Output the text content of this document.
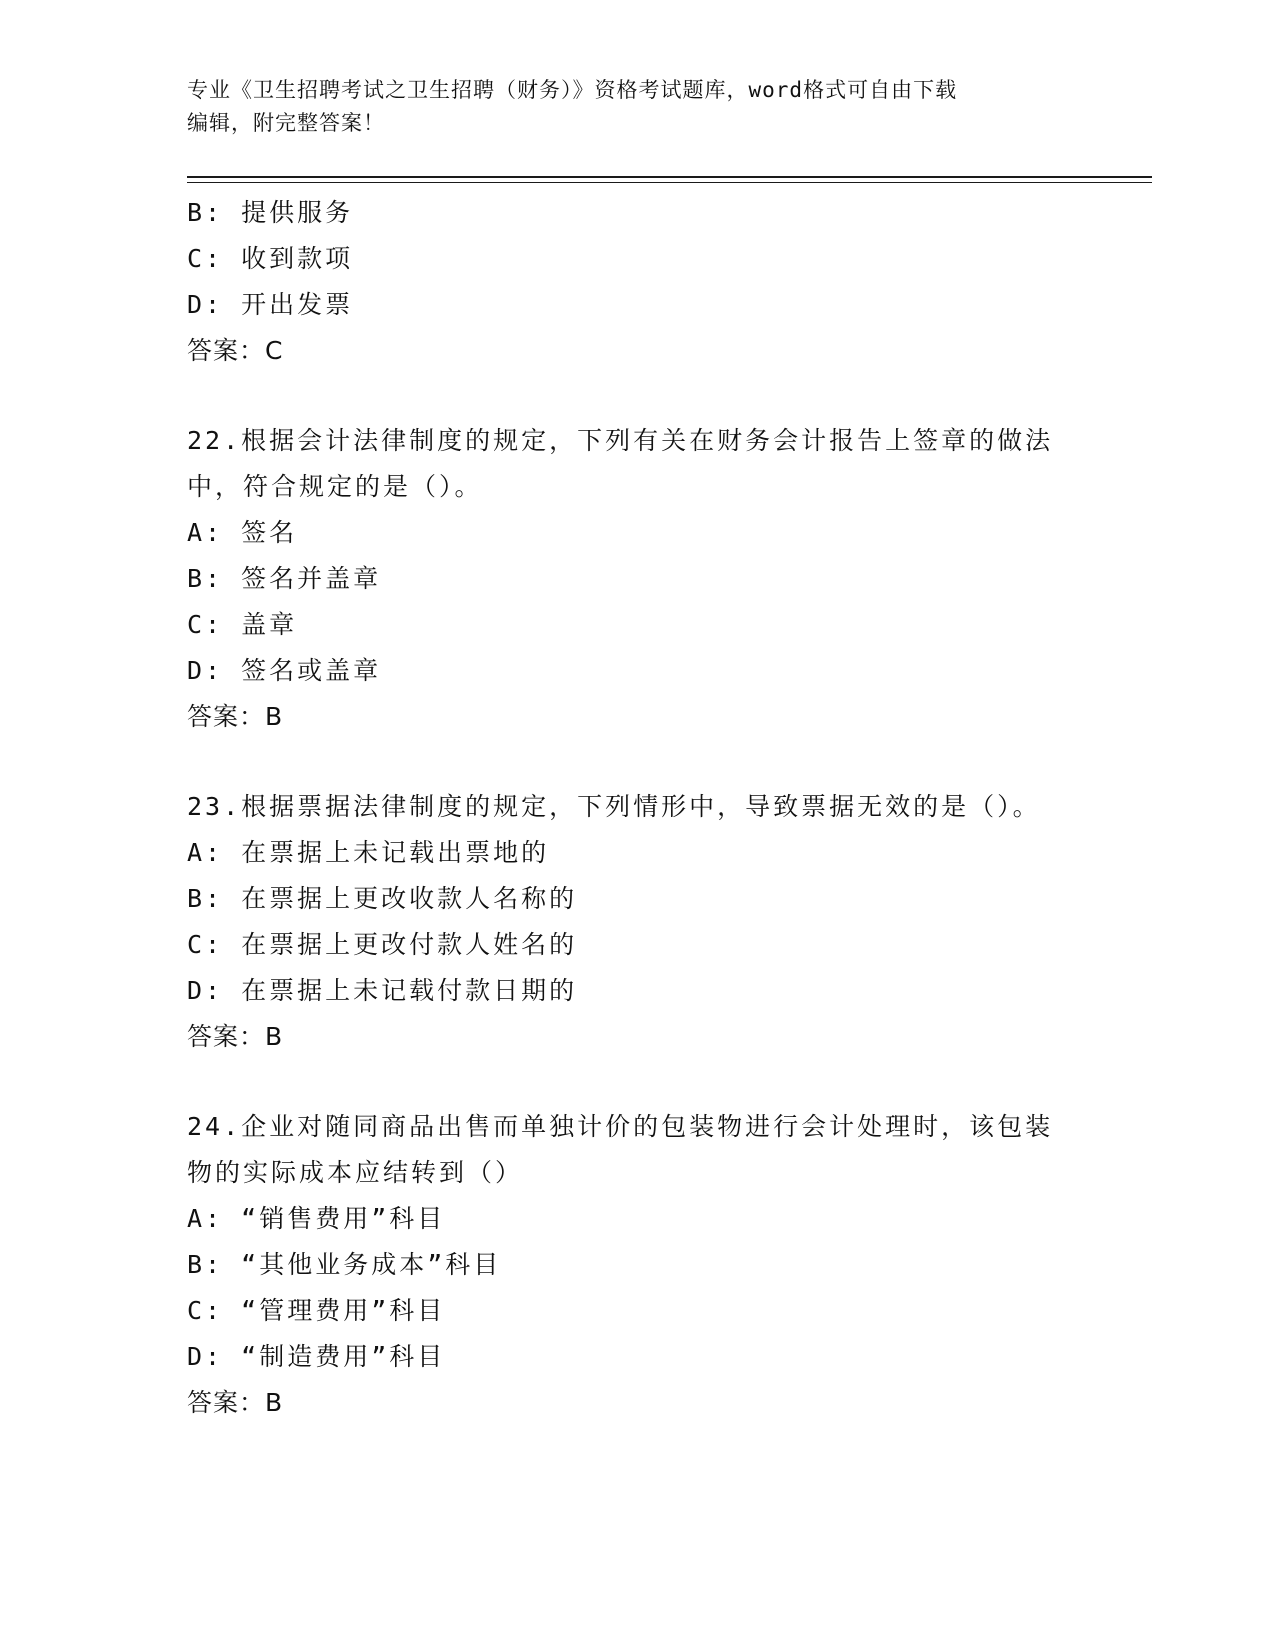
专业《卫生招聘考试之卫生招聘（财务）》资格考试题库，word格式可自由下载
编辑，附完整答案！
B: 提供服务
C: 收到款项
D: 开出发票
答案：C
22.根据会计法律制度的规定，下列有关在财务会计报告上签章的做法
中，符合规定的是（）。
A: 签名
B: 签名并盖章
C: 盖章
D: 签名或盖章
答案：B
23.根据票据法律制度的规定，下列情形中，导致票据无效的是（）。
A: 在票据上未记载出票地的
B: 在票据上更改收款人名称的
C: 在票据上更改付款人姓名的
D: 在票据上未记载付款日期的
答案：B
24.企业对随同商品出售而单独计价的包装物进行会计处理时，该包装
物的实际成本应结转到（）
A: “销售费用”科目
B: “其他业务成本”科目
C: “管理费用”科目
D: “制造费用”科目
答案：B
